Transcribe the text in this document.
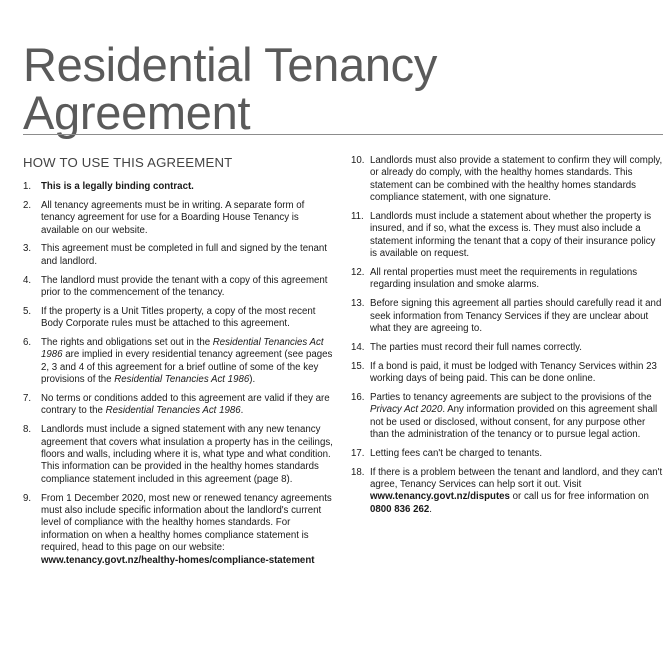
Residential Tenancy
Agreement
HOW TO USE THIS AGREEMENT
1.	This is a legally binding contract.
2.	All tenancy agreements must be in writing. A separate form of tenancy agreement for use for a Boarding House Tenancy is available on our website.
3.	This agreement must be completed in full and signed by the tenant and landlord.
4.	The landlord must provide the tenant with a copy of this agreement prior to the commencement of the tenancy.
5.	If the property is a Unit Titles property, a copy of the most recent Body Corporate rules must be attached to this agreement.
6.	The rights and obligations set out in the Residential Tenancies Act 1986 are implied in every residential tenancy agreement (see pages 2, 3 and 4 of this agreement for a brief outline of some of the key provisions of the Residential Tenancies Act 1986).
7.	No terms or conditions added to this agreement are valid if they are contrary to the Residential Tenancies Act 1986.
8.	Landlords must include a signed statement with any new tenancy agreement that covers what insulation a property has in the ceilings, floors and walls, including where it is, what type and what condition. This information can be provided in the healthy homes standards compliance statement included in this agreement (page 8).
9.	From 1 December 2020, most new or renewed tenancy agreements must also include specific information about the landlord's current level of compliance with the healthy homes standards. For information on when a healthy homes compliance statement is required, head to this page on our website: www.tenancy.govt.nz/healthy-homes/compliance-statement
10. Landlords must also provide a statement to confirm they will comply, or already do comply, with the healthy homes standards. This statement can be combined with the healthy homes standards compliance statement, with one signature.
11. Landlords must include a statement about whether the property is insured, and if so, what the excess is. They must also include a statement informing the tenant that a copy of their insurance policy is available on request.
12. All rental properties must meet the requirements in regulations regarding insulation and smoke alarms.
13. Before signing this agreement all parties should carefully read it and seek information from Tenancy Services if they are unclear about what they are agreeing to.
14. The parties must record their full names correctly.
15. If a bond is paid, it must be lodged with Tenancy Services within 23 working days of being paid. This can be done online.
16. Parties to tenancy agreements are subject to the provisions of the Privacy Act 2020. Any information provided on this agreement shall not be used or disclosed, without consent, for any purpose other than the administration of the tenancy or to pursue legal action.
17. Letting fees can't be charged to tenants.
18. If there is a problem between the tenant and landlord, and they can't agree, Tenancy Services can help sort it out. Visit www.tenancy.govt.nz/disputes or call us for free information on 0800 836 262.
